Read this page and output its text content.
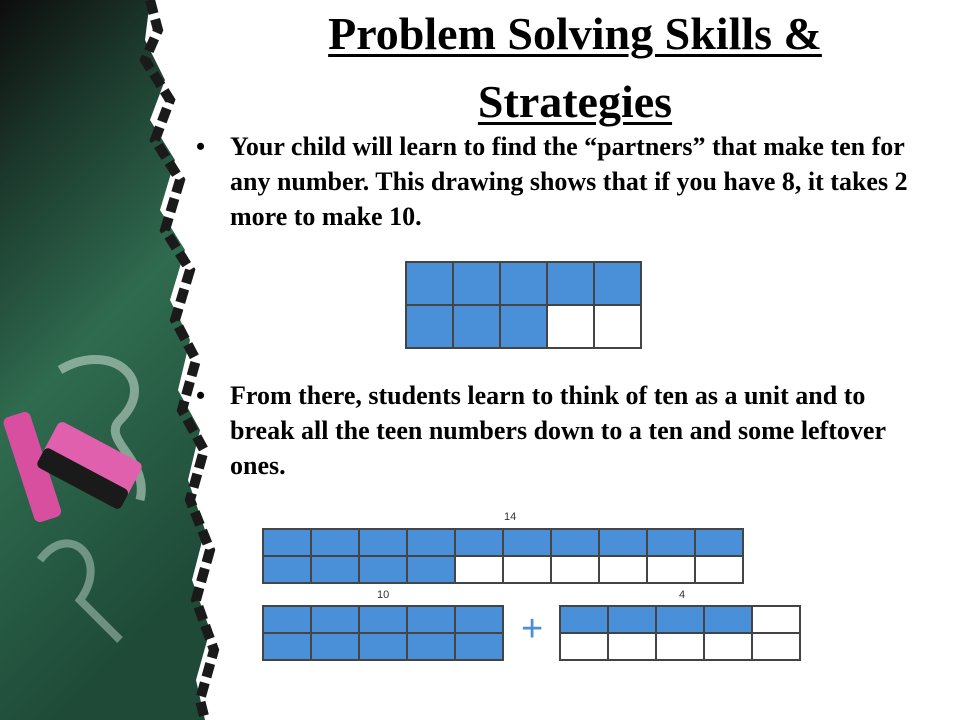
Problem Solving Skills & Strategies
• Your child will learn to find the “partners” that make ten for any number. This drawing shows that if you have 8, it takes 2 more to make 10.
• From there, students learn to think of ten as a unit and to break all the teen numbers down to a ten and some leftover ones.
14
10
+
4
